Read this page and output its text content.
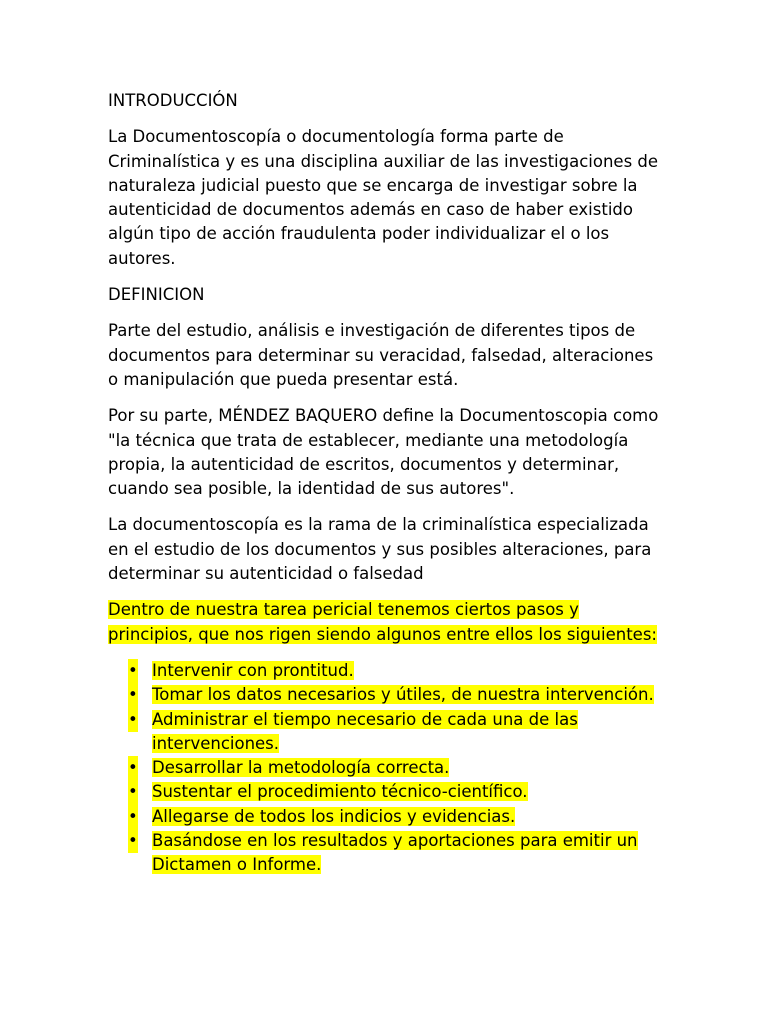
INTRODUCCIÓN

La Documentoscopía o documentología forma parte de Criminalística y es una disciplina auxiliar de las investigaciones de naturaleza judicial puesto que se encarga de investigar sobre la autenticidad de documentos además en caso de haber existido algún tipo de acción fraudulenta poder individualizar el o los autores.

DEFINICION

Parte del estudio, análisis e investigación de diferentes tipos de documentos para determinar su veracidad, falsedad, alteraciones o manipulación que pueda presentar está.

Por su parte, MÉNDEZ BAQUERO define la Documentoscopia como "la técnica que trata de establecer, mediante una metodología propia, la autenticidad de escritos, documentos y determinar, cuando sea posible, la identidad de sus autores".

La documentoscopía es la rama de la criminalística especializada en el estudio de los documentos y sus posibles alteraciones, para determinar su autenticidad o falsedad

Dentro de nuestra tarea pericial tenemos ciertos pasos y principios, que nos rigen siendo algunos entre ellos los siguientes:

• Intervenir con prontitud.
• Tomar los datos necesarios y útiles, de nuestra intervención.
• Administrar el tiempo necesario de cada una de las intervenciones.
• Desarrollar la metodología correcta.
• Sustentar el procedimiento técnico-científico.
• Allegarse de todos los indicios y evidencias.
• Basándose en los resultados y aportaciones para emitir un Dictamen o Informe.
